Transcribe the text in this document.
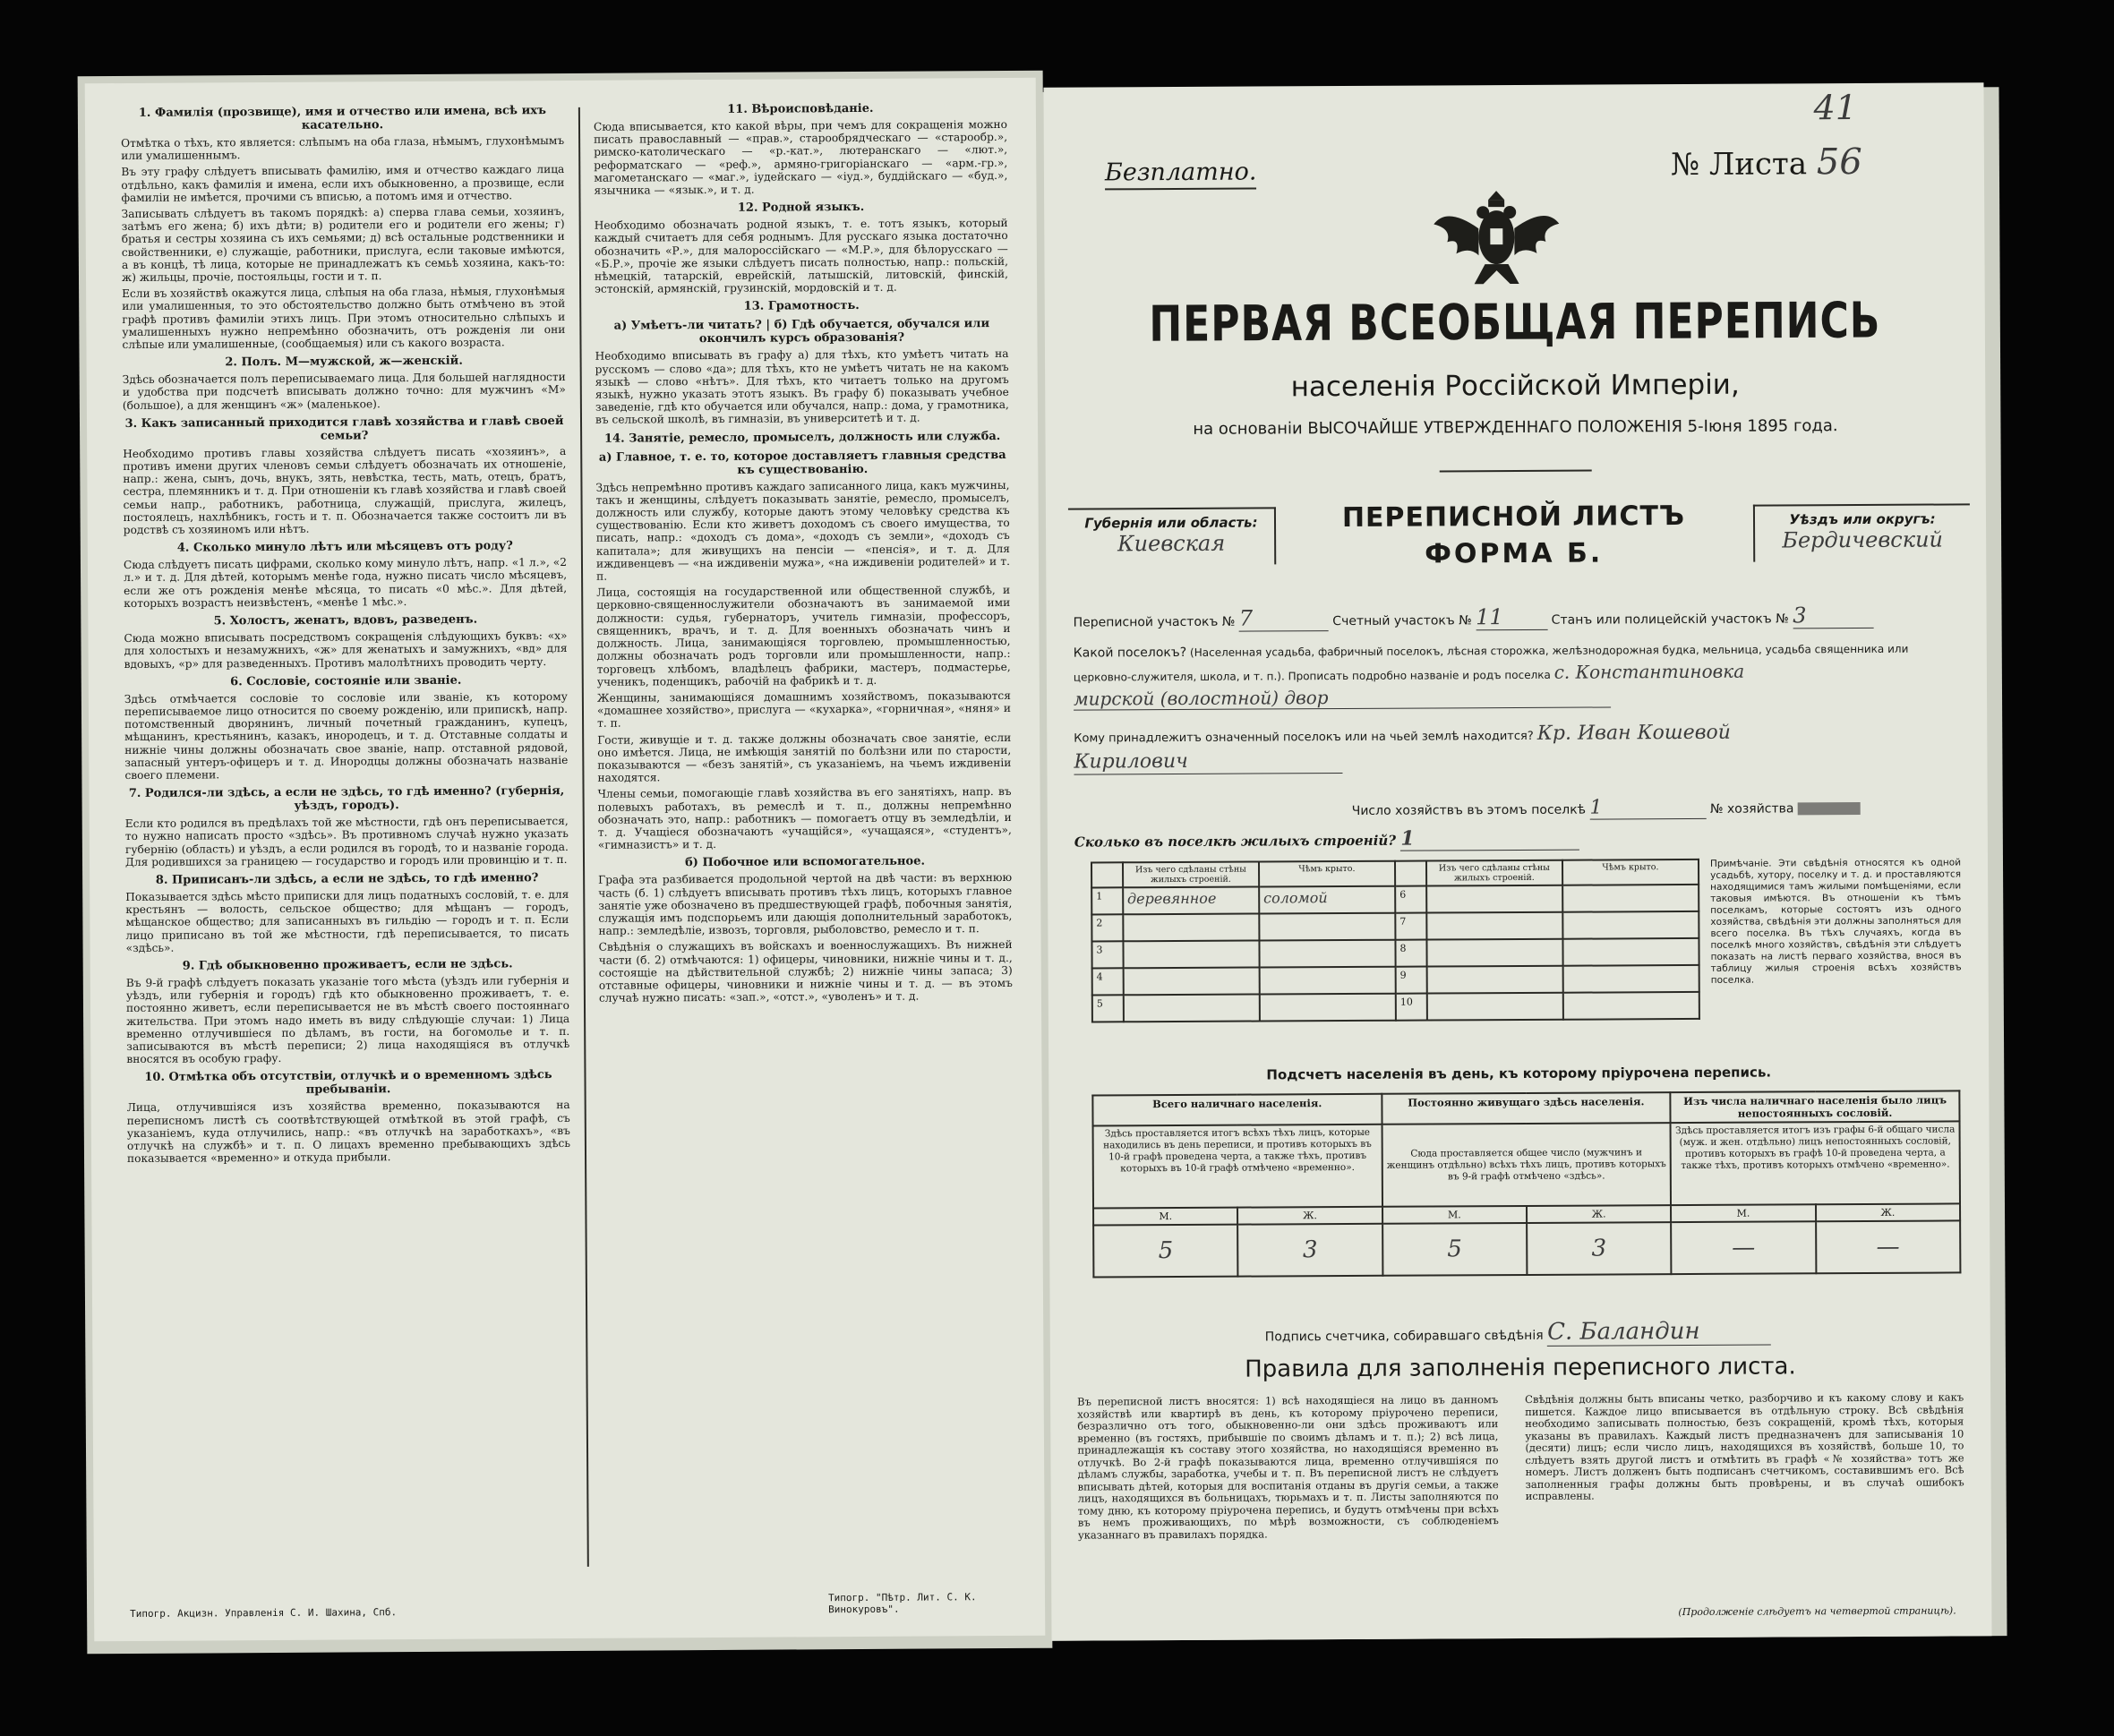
1. Фамилія (прозвище), имя и отчество или имена, всѣ ихъ касательно.

Отмѣтка о тѣхъ, кто является: слѣпымъ на оба глаза, нѣмымъ, глухонѣмымъ или умалишеннымъ.

Въ эту графу слѣдуетъ вписывать фамилію, имя и отчество каждаго лица отдѣльно, какъ фамилія и имена, если ихъ обыкновенно, а прозвище, если фамиліи не имѣется, прочими съ вписью, а потомъ имя и отчество.

Записывать слѣдуетъ въ такомъ порядкѣ: а) сперва глава семьи, хозяинъ, затѣмъ его жена; б) ихъ дѣти; в) родители его и родители его жены; г) братья и сестры хозяина съ ихъ семьями; д) всѣ остальные родственники и свойственники, е) служащіе, работники, прислуга, если таковые имѣются, а въ концѣ, тѣ лица, которые не принадлежатъ къ семьѣ хозяина, какъ-то: ж) жильцы, прочіе, постояльцы, гости и т. п.

Если въ хозяйствѣ окажутся лица, слѣпыя на оба глаза, нѣмыя, глухонѣмыя или умалишенныя, то это обстоятельство должно быть отмѣчено въ этой графѣ противъ фамиліи этихъ лицъ. При этомъ относительно слѣпыхъ и умалишенныхъ нужно непремѣнно обозначить, отъ рожденія ли они слѣпые или умалишенные, (сообщаемыя) или съ какого возраста.

2. Полъ. М—мужской, ж—женскій.

Здѣсь обозначается полъ переписываемаго лица. Для большей наглядности и удобства при подсчетѣ вписывать должно точно: для мужчинъ «М» (большое), а для женщинъ «ж» (маленькое).

3. Какъ записанный приходится главѣ хозяйства и главѣ своей семьи?

Необходимо противъ главы хозяйства слѣдуетъ писать «хозяинъ», а противъ имени других членовъ семьи слѣдуетъ обозначать их отношеніе, напр.: жена, сынъ, дочь, внукъ, зять, невѣстка, тесть, мать, отецъ, братъ, сестра, племянникъ и т. д. При отношеніи къ главѣ хозяйства и главѣ своей семьи напр., работникъ, работница, служащій, прислуга, жилецъ, постоялецъ, нахлѣбникъ, гость и т. п. Обозначается также состоитъ ли въ родствѣ съ хозяиномъ или нѣтъ.

4. Сколько минуло лѣтъ или мѣсяцевъ отъ роду?

Сюда слѣдуетъ писать цифрами, сколько кому минуло лѣтъ, напр. «1 л.», «2 л.» и т. д. Для дѣтей, которымъ менѣе года, нужно писать число мѣсяцевъ, если же отъ рожденія менѣе мѣсяца, то писать «0 мѣс.». Для дѣтей, которыхъ возрастъ неизвѣстенъ, «менѣе 1 мѣс.».

5. Холостъ, женатъ, вдовъ, разведенъ.

Сюда можно вписывать посредствомъ сокращенія слѣдующихъ буквъ: «х» для холостыхъ и незамужнихъ, «ж» для женатыхъ и замужнихъ, «вд» для вдовыхъ, «р» для разведенныхъ. Противъ малолѣтнихъ проводить черту.

6. Сословіе, состояніе или званіе.

Здѣсь отмѣчается сословіе то сословіе или званіе, къ которому переписываемое лицо относится по своему рожденію, или припискѣ, напр. потомственный дворянинъ, личный почетный гражданинъ, купецъ, мѣщанинъ, крестьянинъ, казакъ, инородецъ, и т. д. Отставные солдаты и нижніе чины должны обозначать свое званіе, напр. отставной рядовой, запасный унтеръ-офицеръ и т. д. Инородцы должны обозначать названіе своего племени.

7. Родился-ли здѣсь, а если не здѣсь, то гдѣ именно? (губернія, уѣздъ, городъ).

Если кто родился въ предѣлахъ той же мѣстности, гдѣ онъ переписывается, то нужно написать просто «здѣсь». Въ противномъ случаѣ нужно указать губернію (область) и уѣздъ, а если родился въ городѣ, то и названіе города. Для родившихся за границею — государство и городъ или провинцію и т. п.

8. Приписанъ-ли здѣсь, а если не здѣсь, то гдѣ именно?

Показывается здѣсь мѣсто приписки для лицъ податныхъ сословій, т. е. для крестьянъ — волость, сельское общество; для мѣщанъ — городъ, мѣщанское общество; для записанныхъ въ гильдію — городъ и т. п. Если лицо приписано въ той же мѣстности, гдѣ переписывается, то писать «здѣсь».

9. Гдѣ обыкновенно проживаетъ, если не здѣсь.

Въ 9-й графѣ слѣдуетъ показать указаніе того мѣста (уѣздъ или губернія и уѣздъ, или губернія и городъ) гдѣ кто обыкновенно проживаетъ, т. е. постоянно живетъ, если переписывается не въ мѣстѣ своего постояннаго жительства. При этомъ надо иметь въ виду слѣдующіе случаи: 1) Лица временно отлучившіеся по дѣламъ, въ гости, на богомолье и т. п. записываются въ мѣстѣ переписи; 2) лица находящіяся въ отлучкѣ вносятся въ особую графу.

10. Отмѣтка объ отсутствіи, отлучкѣ и о временномъ здѣсь пребываніи.

Лица, отлучившіяся изъ хозяйства временно, показываются на переписномъ листѣ съ соотвѣтствующей отмѣткой въ этой графѣ, съ указаніемъ, куда отлучились, напр.: «въ отлучкѣ на заработкахъ», «въ отлучкѣ на службѣ» и т. п. О лицахъ временно пребывающихъ здѣсь показывается «временно» и откуда прибыли.

11. Вѣроисповѣданіе.

Сюда вписывается, кто какой вѣры, при чемъ для сокращенія можно писать православный — «прав.», старообрядческаго — «старообр.», римско-католическаго — «р.-кат.», лютеранскаго — «лют.», реформатскаго — «реф.», армяно-григоріанскаго — «арм.-гр.», магометанскаго — «маг.», іудейскаго — «іуд.», буддійскаго — «буд.», язычника — «язык.», и т. д.

12. Родной языкъ.

Необходимо обозначать родной языкъ, т. е. тотъ языкъ, который каждый считаетъ для себя роднымъ. Для русскаго языка достаточно обозначить «Р.», для малороссійскаго — «М.Р.», для бѣлорусскаго — «Б.Р.», прочіе же языки слѣдуетъ писать полностью, напр.: польскій, нѣмецкій, татарскій, еврейскій, латышскій, литовскій, финскій, эстонскій, армянскій, грузинскій, мордовскій и т. д.

13. Грамотность.
а) Умѣетъ-ли читать? | б) Гдѣ обучается, обучался или окончилъ курсъ образованія?

Необходимо вписывать въ графу а) для тѣхъ, кто умѣетъ читать на русскомъ — слово «да»; для тѣхъ, кто не умѣетъ читать не на какомъ языкѣ — слово «нѣтъ». Для тѣхъ, кто читаетъ только на другомъ языкѣ, нужно указать этотъ языкъ. Въ графу б) показывать учебное заведеніе, гдѣ кто обучается или обучался, напр.: дома, у грамотника, въ сельской школѣ, въ гимназіи, въ университетѣ и т. д.

14. Занятіе, ремесло, промыселъ, должность или служба.
а) Главное, т. е. то, которое доставляетъ главныя средства къ существованію.

Здѣсь непремѣнно противъ каждаго записанного лица, какъ мужчины, такъ и женщины, слѣдуетъ показывать занятіе, ремесло, промыселъ, должность или службу, которые даютъ этому человѣку средства къ существованію. Если кто живетъ доходомъ съ своего имущества, то писать, напр.: «доходъ съ дома», «доходъ съ земли», «доходъ съ капитала»; для живущихъ на пенсіи — «пенсія», и т. д. Для иждивенцевъ — «на иждивеніи мужа», «на иждивеніи родителей» и т. п.

Лица, состоящія на государственной или общественной службѣ, и церковно-священнослужители обозначаютъ въ занимаемой ими должности: судья, губернаторъ, учитель гимназіи, профессоръ, священникъ, врачъ, и т. д. Для военныхъ обозначать чинъ и должность. Лица, занимающіяся торговлею, промышленностью, должны обозначать родъ торговли или промышленности, напр.: торговецъ хлѣбомъ, владѣлецъ фабрики, мастеръ, подмастерье, ученикъ, поденщикъ, рабочій на фабрикѣ и т. д.

Женщины, занимающіяся домашнимъ хозяйствомъ, показываются «домашнее хозяйство», прислуга — «кухарка», «горничная», «няня» и т. п.

Гости, живущіе и т. д. также должны обозначать свое занятіе, если оно имѣется. Лица, не имѣющія занятій по болѣзни или по старости, показываются — «безъ занятій», съ указаніемъ, на чьемъ иждивеніи находятся.

Члены семьи, помогающіе главѣ хозяйства въ его занятіяхъ, напр. въ полевыхъ работахъ, въ ремеслѣ и т. п., должны непремѣнно обозначать это, напр.: работникъ — помогаетъ отцу въ земледѣліи, и т. д. Учащіеся обозначаютъ «учащійся», «учащаяся», «студентъ», «гимназистъ» и т. д.

б) Побочное или вспомогательное.

Графа эта разбивается продольной чертой на двѣ части: въ верхнюю часть (б. 1) слѣдуетъ вписывать противъ тѣхъ лицъ, которыхъ главное занятіе уже обозначено въ предшествующей графѣ, побочныя занятія, служащія имъ подспорьемъ или дающія дополнительный заработокъ, напр.: земледѣліе, извозъ, торговля, рыболовство, ремесло и т. п.

Свѣдѣнія о служащихъ въ войскахъ и военнослужащихъ. Въ нижней части (б. 2) отмѣчаются: 1) офицеры, чиновники, нижніе чины и т. д., состоящіе на дѣйствительной службѣ; 2) нижніе чины запаса; 3) отставные офицеры, чиновники и нижніе чины и т. д. — въ этомъ случаѣ нужно писать: «зап.», «отст.», «уволенъ» и т. д.

Типогр. Акцизн. Управленія С. И. Шахина, Спб.
Типогр. "Пѣтр. Лит. С. К. Винокуровъ".
41
Безплатно.	№ Листа 56
ПЕРВАЯ ВСЕОБЩАЯ ПЕРЕПИСЬ
населенія Россійской Имперіи,
на основаніи ВЫСОЧАЙШЕ УТВЕРЖДЕННАГО ПОЛОЖЕНІЯ 5-Іюня 1895 года.
Губернія или область:
Киевская
ПЕРЕПИСНОЙ ЛИСТЪ
ФОРМА Б.
Уѣздъ или округъ:
Бердичевский
Переписной участокъ № 7	Счетный участокъ № 11	Станъ или полицейскій участокъ № 3
Какой поселокъ? (Населенная усадьба, фабричный поселокъ, лѣсная сторожка, желѣзнодорожная будка, мельница, усадьба священника или церковно-служителя, школа, и т. п.). Прописать подробно названіе и родъ поселка с. Константиновка
мирской (волостной) двор
Кому принадлежитъ означенный поселокъ или на чьей землѣ находится? Кр. Иван Кошевой
Кирилович
Число хозяйствъ въ этомъ поселкѣ 1	№ хозяйства
Сколько въ поселкѣ жилыхъ строеній? 1
	Изъ чего сдѣланы стѣны жилыхъ строеній.	Чѣмъ крыто.		Изъ чего сдѣланы стѣны жилыхъ строеній.	Чѣмъ крыто.
1	деревянное	соломой	6		
2			7		
3			8		
4			9		
5			10		
Примѣчаніе. Эти свѣдѣнія относятся къ одной усадьбѣ, хутору, поселку и т. д. и проставляются находящимися тамъ жилыми помѣщеніями, если таковыя имѣются. Въ отношеніи къ тѣмъ поселкамъ, которые состоятъ изъ одного хозяйства, свѣдѣнія эти должны заполняться для всего поселка. Въ тѣхъ случаяхъ, когда въ поселкѣ много хозяйствъ, свѣдѣнія эти слѣдуетъ показать на листѣ перваго хозяйства, внося въ таблицу жилыя строенія всѣхъ хозяйствъ поселка.
Подсчетъ населенія въ день, къ которому пріурочена перепись.
Всего наличнаго населенія.		Постоянно живущаго здѣсь населенія.		Изъ числа наличнаго населенія было лицъ непостоянныхъ сословій.	
Здѣсь проставляется итогъ всѣхъ тѣхъ лицъ, которые находились въ день переписи, и противъ которыхъ въ 10-й графѣ проведена черта, а также тѣхъ, противъ которыхъ въ 10-й графѣ отмѣчено «временно».		Сюда проставляется общее число (мужчинъ и женщинъ отдѣльно) всѣхъ тѣхъ лицъ, противъ которыхъ въ 9-й графѣ отмѣчено «здѣсь».		Здѣсь проставляется итогъ изъ графы 6-й общаго числа (муж. и жен. отдѣльно) лицъ непостоянныхъ сословій, противъ которыхъ въ графѣ 10-й проведена черта, а также тѣхъ, противъ которыхъ отмѣчено «временно».	
М.	Ж.	М.	Ж.	М.	Ж.
5	3	5	3	—	—
Подпись счетчика, собиравшаго свѣдѣнія С. Баландин
Правила для заполненія переписного листа.
Въ переписной листъ вносятся: 1) всѣ находящіеся на лицо въ данномъ хозяйствѣ или квартирѣ въ день, къ которому пріурочено переписи, безразлично отъ того, обыкновенно-ли они здѣсь проживаютъ или временно (въ гостяхъ, прибывшіе по своимъ дѣламъ и т. п.); 2) всѣ лица, принадлежащія къ составу этого хозяйства, но находящіяся временно въ отлучкѣ. Во 2-й графѣ показываются лица, временно отлучившіяся по дѣламъ службы, заработка, учебы и т. п. Въ переписной листъ не слѣдуетъ вписывать дѣтей, которыя для воспитанія отданы въ другія семьи, а также лицъ, находящихся въ больницахъ, тюрьмахъ и т. п. Листы заполняются по тому дню, къ которому пріурочена перепись, и будутъ отмѣчены при всѣхъ въ немъ проживающихъ, по мѣрѣ возможности, съ соблюденіемъ указаннаго въ правилахъ порядка.
Свѣдѣнія должны быть вписаны четко, разборчиво и къ какому слову и какъ пишется. Каждое лицо вписывается въ отдѣльную строку. Всѣ свѣдѣнія необходимо записывать полностью, безъ сокращеній, кромѣ тѣхъ, которыя указаны въ правилахъ. Каждый листъ предназначенъ для записыванія 10 (десяти) лицъ; если число лицъ, находящихся въ хозяйствѣ, больше 10, то слѣдуетъ взять другой листъ и отмѣтить въ графѣ «№ хозяйства» тотъ же номеръ. Листъ долженъ быть подписанъ счетчикомъ, составившимъ его. Всѣ заполненныя графы должны быть провѣрены, и въ случаѣ ошибокъ исправлены.
(Продолженіе слѣдуетъ на четвертой страницѣ).
